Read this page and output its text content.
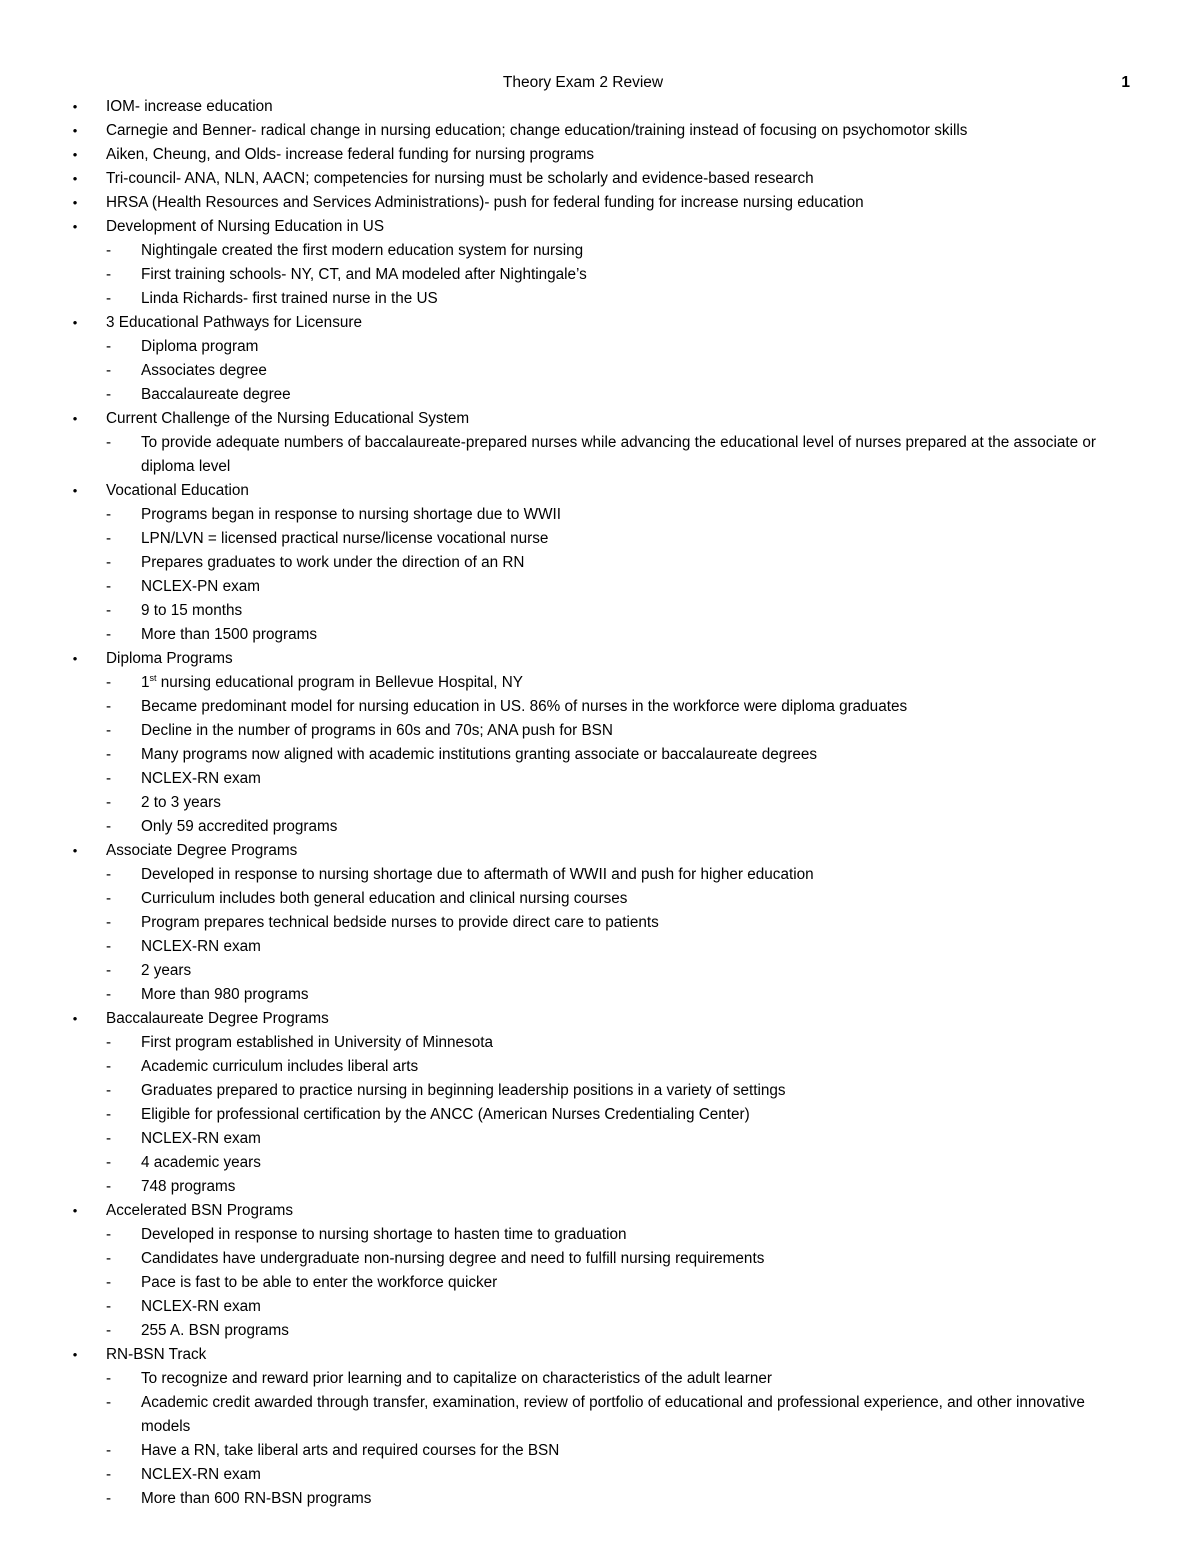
Theory Exam 2 Review	1
•	IOM- increase education
•	Carnegie and Benner- radical change in nursing education; change education/training instead of focusing on psychomotor skills
•	Aiken, Cheung, and Olds- increase federal funding for nursing programs
•	Tri-council- ANA, NLN, AACN; competencies for nursing must be scholarly and evidence-based research
•	HRSA (Health Resources and Services Administrations)- push for federal funding for increase nursing education
•	Development of Nursing Education in US
-	Nightingale created the first modern education system for nursing
-	First training schools- NY, CT, and MA modeled after Nightingale’s
-	Linda Richards- first trained nurse in the US
•	3 Educational Pathways for Licensure
-	Diploma program
-	Associates degree
-	Baccalaureate degree
•	Current Challenge of the Nursing Educational System
-	To provide adequate numbers of baccalaureate-prepared nurses while advancing the educational level of nurses prepared at the associate or diploma level
•	Vocational Education
-	Programs began in response to nursing shortage due to WWII
-	LPN/LVN = licensed practical nurse/license vocational nurse
-	Prepares graduates to work under the direction of an RN
-	NCLEX-PN exam
-	9 to 15 months
-	More than 1500 programs
•	Diploma Programs
-	1st nursing educational program in Bellevue Hospital, NY
-	Became predominant model for nursing education in US. 86% of nurses in the workforce were diploma graduates
-	Decline in the number of programs in 60s and 70s; ANA push for BSN
-	Many programs now aligned with academic institutions granting associate or baccalaureate degrees
-	NCLEX-RN exam
-	2 to 3 years
-	Only 59 accredited programs
•	Associate Degree Programs
-	Developed in response to nursing shortage due to aftermath of WWII and push for higher education
-	Curriculum includes both general education and clinical nursing courses
-	Program prepares technical bedside nurses to provide direct care to patients
-	NCLEX-RN exam
-	2 years
-	More than 980 programs
•	Baccalaureate Degree Programs
-	First program established in University of Minnesota
-	Academic curriculum includes liberal arts
-	Graduates prepared to practice nursing in beginning leadership positions in a variety of settings
-	Eligible for professional certification by the ANCC (American Nurses Credentialing Center)
-	NCLEX-RN exam
-	4 academic years
-	748 programs
•	Accelerated BSN Programs
-	Developed in response to nursing shortage to hasten time to graduation
-	Candidates have undergraduate non-nursing degree and need to fulfill nursing requirements
-	Pace is fast to be able to enter the workforce quicker
-	NCLEX-RN exam
-	255 A. BSN programs
•	RN-BSN Track
-	To recognize and reward prior learning and to capitalize on characteristics of the adult learner
-	Academic credit awarded through transfer, examination, review of portfolio of educational and professional experience, and other innovative models
-	Have a RN, take liberal arts and required courses for the BSN
-	NCLEX-RN exam
-	More than 600 RN-BSN programs
